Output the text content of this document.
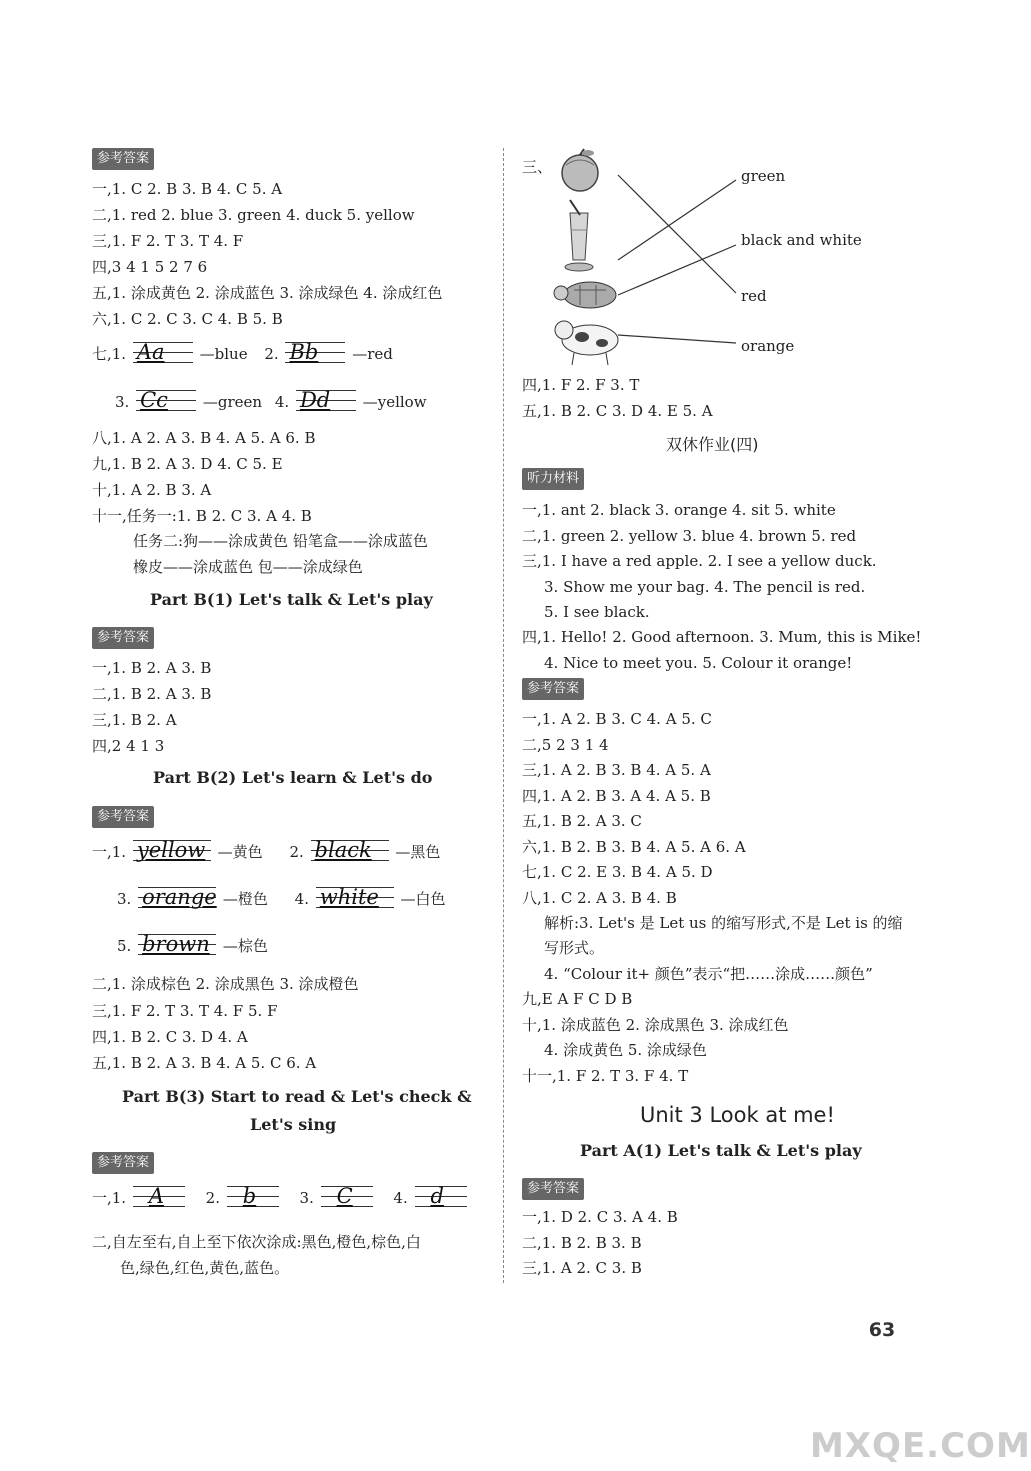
参考答案
一,1. C 2. B 3. B 4. C 5. A
二,1. red 2. blue 3. green 4. duck 5. yellow
三,1. F 2. T 3. T 4. F
四,3 4 1 5 2 7 6
五,1. 涂成黄色 2. 涂成蓝色 3. 涂成绿色 4. 涂成红色
六,1. C 2. C 3. C 4. B 5. B
七,1. Aa —blue 2. Bb —red
3. Cc —green 4. Dd —yellow
八,1. A 2. A 3. B 4. A 5. A 6. B
九,1. B 2. A 3. D 4. C 5. E
十,1. A 2. B 3. A
十一,任务一:1. B 2. C 3. A 4. B
任务二:狗——涂成黄色 铅笔盒——涂成蓝色
橡皮——涂成蓝色 包——涂成绿色
Part B(1) Let's talk & Let's play
参考答案
一,1. B 2. A 3. B
二,1. B 2. A 3. B
三,1. B 2. A
四,2 4 1 3
Part B(2) Let's learn & Let's do
参考答案
一,1. yellow —黄色 2. black —黑色
3. orange —橙色 4. white —白色
5. brown —棕色
二,1. 涂成棕色 2. 涂成黑色 3. 涂成橙色
三,1. F 2. T 3. T 4. F 5. F
四,1. B 2. C 3. D 4. A
五,1. B 2. A 3. B 4. A 5. C 6. A
Part B(3) Start to read & Let's check &
Let's sing
参考答案
一,1. A	2. b	3. C	4. d
二,自左至右,自上至下依次涂成:黑色,橙色,棕色,白
色,绿色,红色,黄色,蓝色。
三、	green
black and white
red
orange
四,1. F 2. F 3. T
五,1. B 2. C 3. D 4. E 5. A
双休作业(四)
听力材料
一,1. ant 2. black 3. orange 4. sit 5. white
二,1. green 2. yellow 3. blue 4. brown 5. red
三,1. I have a red apple. 2. I see a yellow duck.
3. Show me your bag. 4. The pencil is red.
5. I see black.
四,1. Hello! 2. Good afternoon. 3. Mum, this is Mike!
4. Nice to meet you. 5. Colour it orange!
参考答案
一,1. A 2. B 3. C 4. A 5. C
二,5 2 3 1 4
三,1. A 2. B 3. B 4. A 5. A
四,1. A 2. B 3. A 4. A 5. B
五,1. B 2. A 3. C
六,1. B 2. B 3. B 4. A 5. A 6. A
七,1. C 2. E 3. B 4. A 5. D
八,1. C 2. A 3. B 4. B
解析:3. Let's 是 Let us 的缩写形式,不是 Let is 的缩
写形式。
4. “Colour it+ 颜色”表示“把……涂成……颜色”
九,E A F C D B
十,1. 涂成蓝色 2. 涂成黑色 3. 涂成红色
4. 涂成黄色 5. 涂成绿色
十一,1. F 2. T 3. F 4. T
Unit 3 Look at me!
Part A(1) Let's talk & Let's play
参考答案
一,1. D 2. C 3. A 4. B
二,1. B 2. B 3. B
三,1. A 2. C 3. B
63
MXQE.COM
